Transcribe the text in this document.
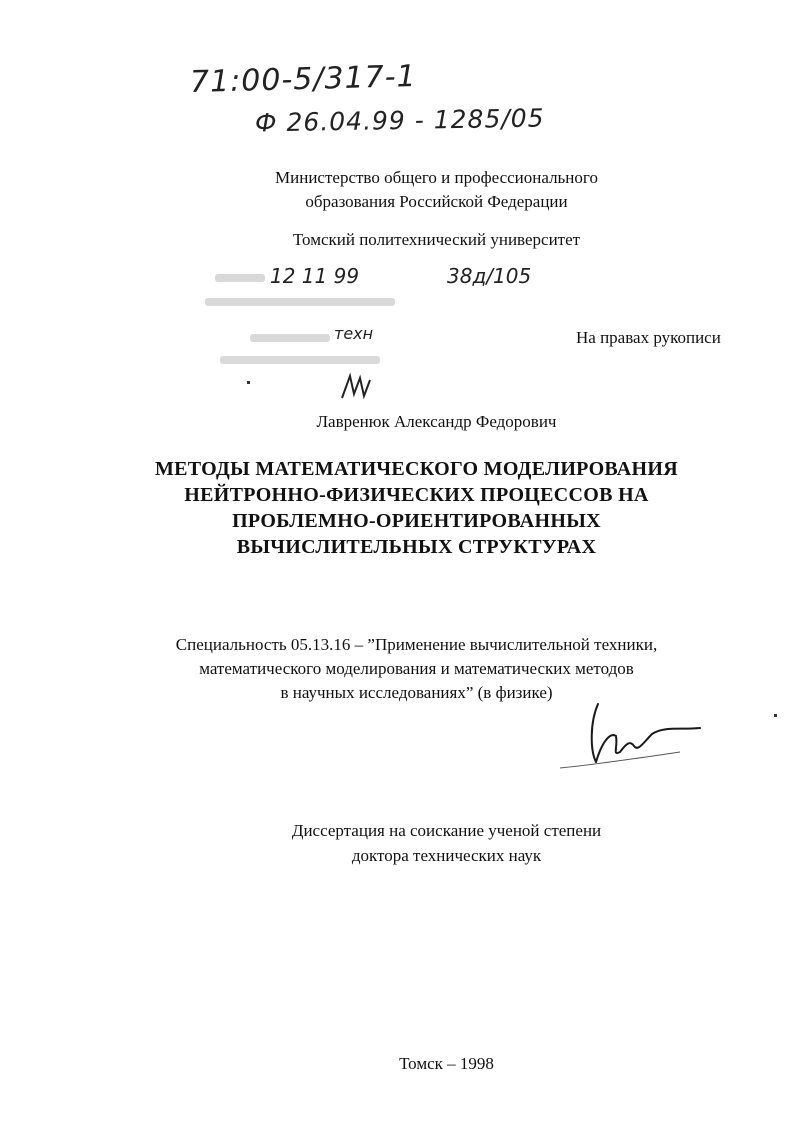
71:00-5/317-1
Ф 26.04.99 - 1285/05
Министерство общего и профессионального
образования Российской Федерации
Томский политехнический университет
12 11 99	38д/105
техн	На правах рукописи
Лавренюк Александр Федорович
МЕТОДЫ МАТЕМАТИЧЕСКОГО МОДЕЛИРОВАНИЯ
НЕЙТРОННО-ФИЗИЧЕСКИХ ПРОЦЕССОВ НА
ПРОБЛЕМНО-ОРИЕНТИРОВАННЫХ
ВЫЧИСЛИТЕЛЬНЫХ СТРУКТУРАХ
Специальность 05.13.16 – ”Применение вычислительной техники,
математического моделирования и математических методов
в научных исследованиях” (в физике)
Диссертация на соискание ученой степени
доктора технических наук
Томск – 1998
